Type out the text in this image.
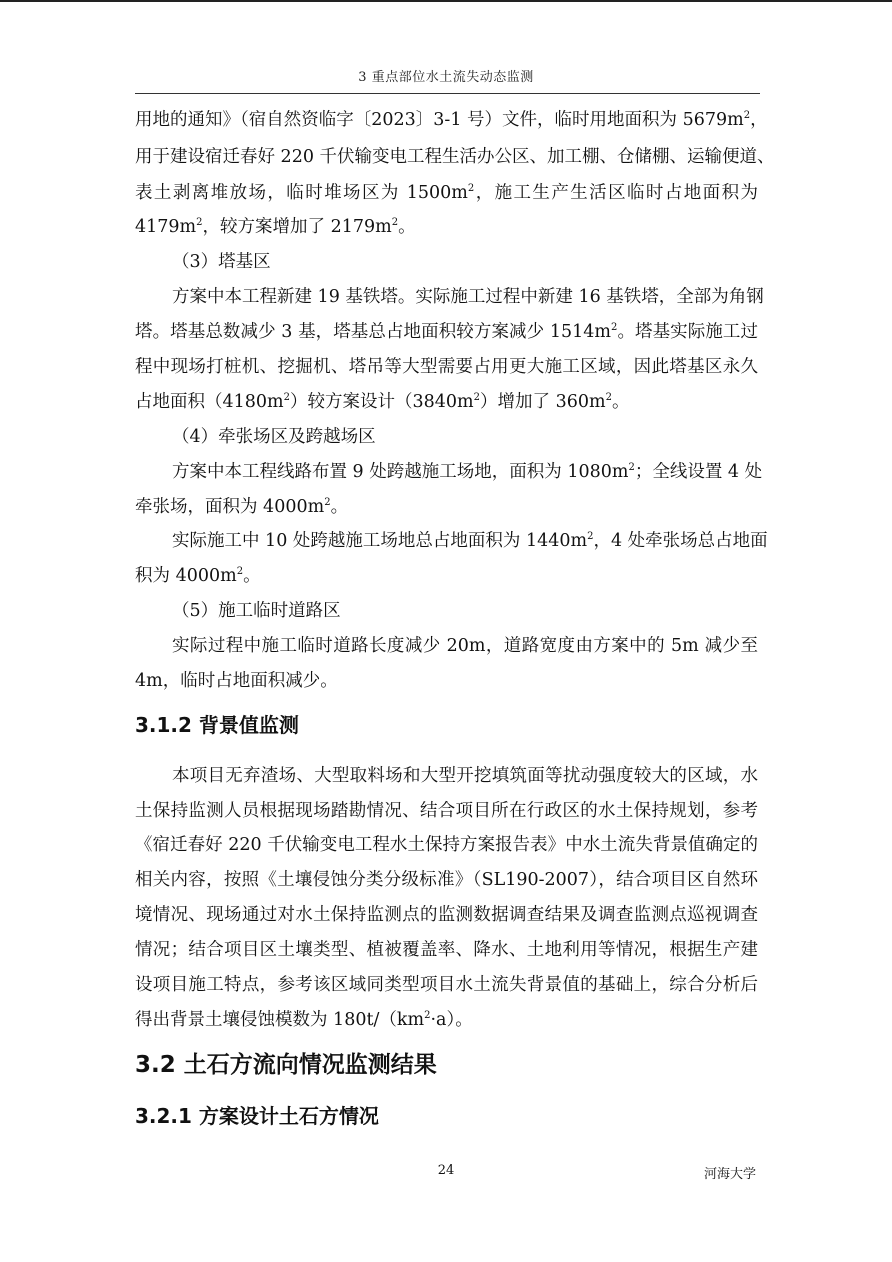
3 重点部位水土流失动态监测
用地的通知》（宿自然资临字〔2023〕3-1 号）文件，临时用地面积为 $5679m^2$，
用于建设宿迁春好 220 千伏输变电工程生活办公区、加工棚、仓储棚、运输便道、
表土剥离堆放场，临时堆场区为 $1500m^2$，施工生产生活区临时占地面积为
$4179m^2$，较方案增加了 $2179m^2$。
（3）塔基区
方案中本工程新建 19 基铁塔。实际施工过程中新建 16 基铁塔，全部为角钢
塔。塔基总数减少 3 基，塔基总占地面积较方案减少 $1514m^2$。塔基实际施工过
程中现场打桩机、挖掘机、塔吊等大型需要占用更大施工区域，因此塔基区永久
占地面积$(4180m^2)$较方案设计$(3840m^2)$增加了 $360m^2$。
（4）牵张场区及跨越场区
方案中本工程线路布置 9 处跨越施工场地，面积为 $1080m^2$；全线设置 4 处
牵张场，面积为 $4000m^2$。
实际施工中 10 处跨越施工场地总占地面积为 $1440m^2$，4 处牵张场总占地面
积为 $4000m^2$。
（5）施工临时道路区
实际过程中施工临时道路长度减少 20m，道路宽度由方案中的 5m 减少至
4m，临时占地面积减少。
3.1.2 背景值监测
本项目无弃渣场、大型取料场和大型开挖填筑面等扰动强度较大的区域，水
土保持监测人员根据现场踏勘情况、结合项目所在行政区的水土保持规划，参考
《宿迁春好 220 千伏输变电工程水土保持方案报告表》中水土流失背景值确定的
相关内容，按照《土壤侵蚀分类分级标准》（SL190-2007），结合项目区自然环
境情况、现场通过对水土保持监测点的监测数据调查结果及调查监测点巡视调查
情况；结合项目区土壤类型、植被覆盖率、降水、土地利用等情况，根据生产建
设项目施工特点，参考该区域同类型项目水土流失背景值的基础上，综合分析后
得出背景土壤侵蚀模数为 $180t/(km^2\cdot a)$。
3.2 土石方流向情况监测结果
3.2.1 方案设计土石方情况
24	河海大学
